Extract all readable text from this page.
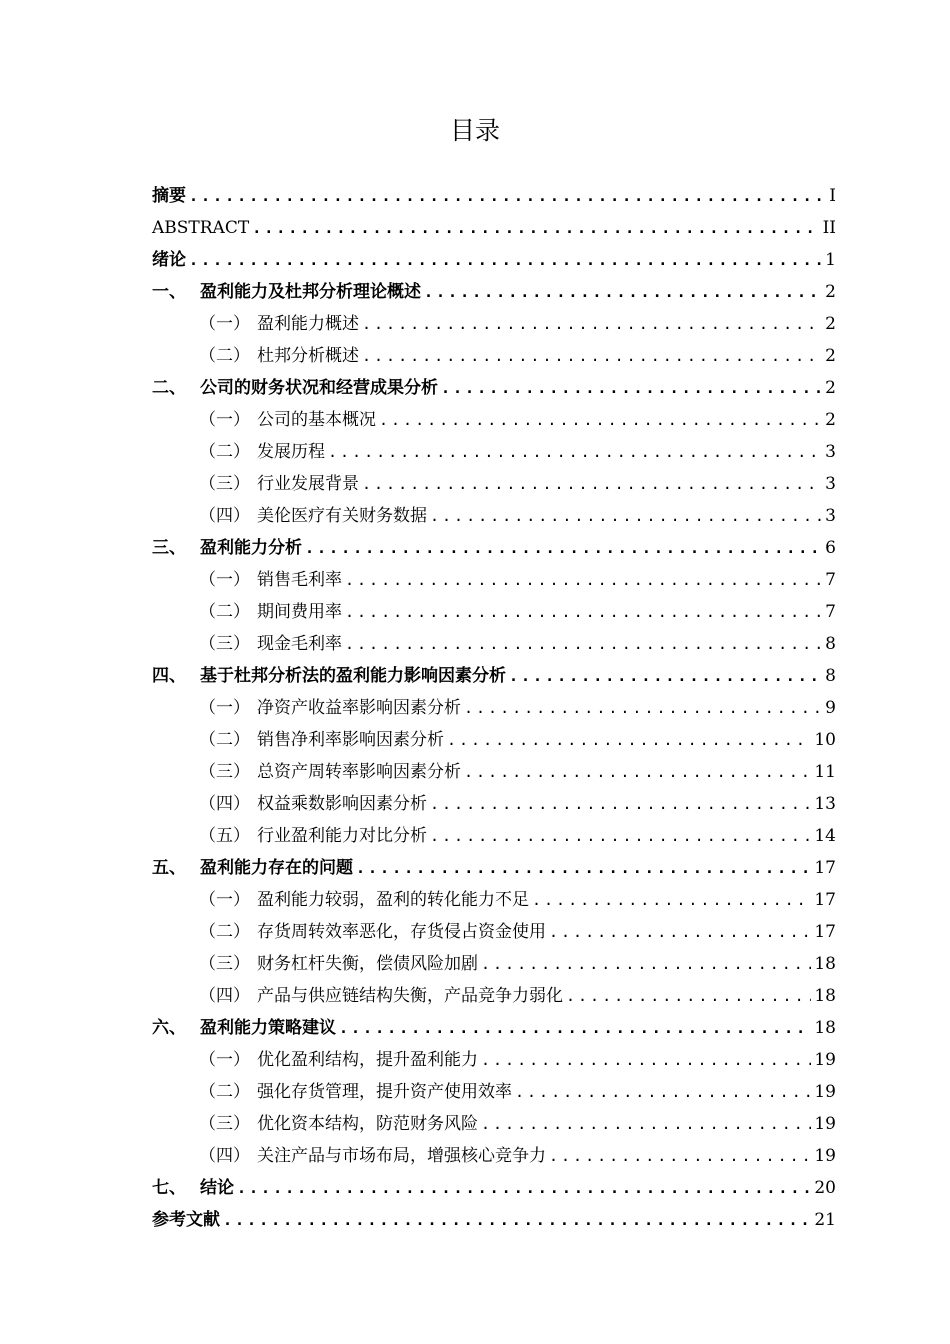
目录
摘要 .....	I
ABSTRACT .....	II
绪论 .....	1
一、 盈利能力及杜邦分析理论概述 .....	2
（一） 盈利能力概述 .....	2
（二） 杜邦分析概述 .....	2
二、 公司的财务状况和经营成果分析 .....	2
（一） 公司的基本概况 .....	2
（二） 发展历程 .....	3
（三） 行业发展背景 .....	3
（四） 美伦医疗有关财务数据 .....	3
三、 盈利能力分析 .....	6
（一） 销售毛利率 .....	7
（二） 期间费用率 .....	7
（三） 现金毛利率 .....	8
四、 基于杜邦分析法的盈利能力影响因素分析 .....	8
（一） 净资产收益率影响因素分析 .....	9
（二） 销售净利率影响因素分析 .....	10
（三） 总资产周转率影响因素分析 .....	11
（四） 权益乘数影响因素分析 .....	13
（五） 行业盈利能力对比分析 .....	14
五、 盈利能力存在的问题 .....	17
（一） 盈利能力较弱，盈利的转化能力不足 .....	17
（二） 存货周转效率恶化，存货侵占资金使用 .....	17
（三） 财务杠杆失衡，偿债风险加剧 .....	18
（四） 产品与供应链结构失衡，产品竞争力弱化 .....	18
六、 盈利能力策略建议 .....	18
（一） 优化盈利结构，提升盈利能力 .....	19
（二） 强化存货管理，提升资产使用效率 .....	19
（三） 优化资本结构，防范财务风险 .....	19
（四） 关注产品与市场布局，增强核心竞争力 .....	19
七、 结论 .....	20
参考文献 .....	21
